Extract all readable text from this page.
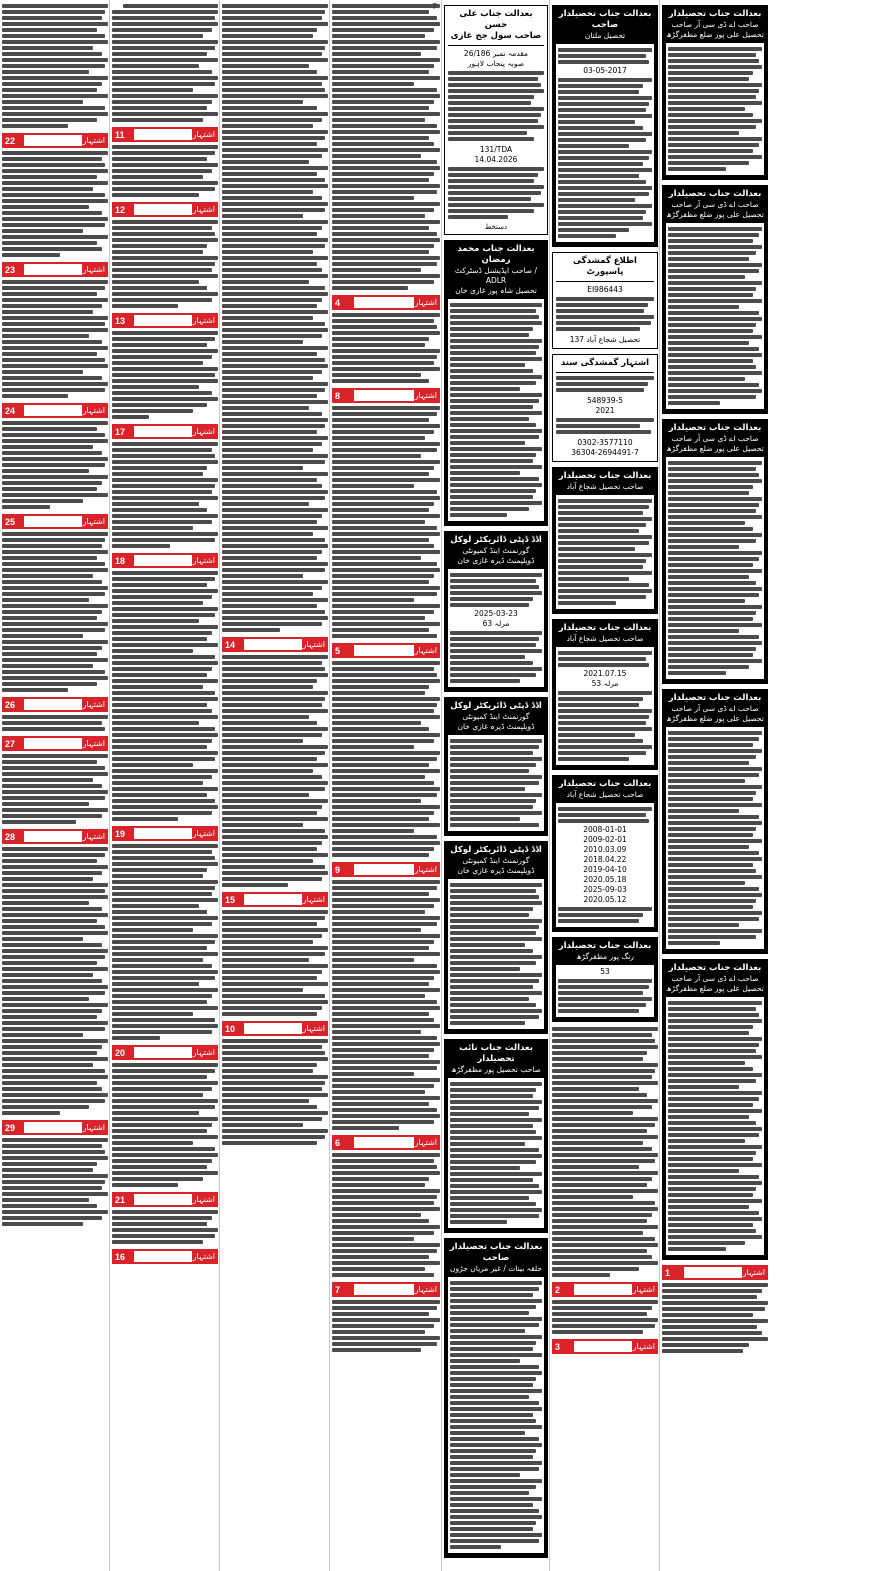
22	اشتہار
23	اشتہار
24	اشتہار
25	اشتہار
26	اشتہار
27	اشتہار
28	اشتہار
29	اشتہار
11	اشتہار
12	اشتہار
13	اشتہار
17	اشتہار
18	اشتہار
19	اشتہار
20	اشتہار
21	اشتہار
16	اشتہار
14	اشتہار
15	اشتہار
10	اشتہار
4	اشتہار
8	اشتہار
5	اشتہار
9	اشتہار
6	اشتہار
7	اشتہار
بعدالت جناب علی حسن
صاحب سول جج غازی
مقدمہ نمبر 26/186
صوبہ پنجاب لاہور
131/TDA
14.04.2026
دستخط
بعدالت جناب محمد رمضان
صاحب ایڈیشنل ڈسٹرکٹ / ADLR
تحصیل شاہ پور غازی خان
اڈڈ ڈپٹی ڈائریکٹر لوکل
گورنمنٹ اینڈ کمیونٹی
ڈویلپمنٹ ڈیرہ غازی خان
2025-03-23
63 مرلہ
اڈڈ ڈپٹی ڈائریکٹر لوکل
گورنمنٹ اینڈ کمیونٹی
ڈویلپمنٹ ڈیرہ غازی خان
اڈڈ ڈپٹی ڈائریکٹر لوکل
گورنمنٹ اینڈ کمیونٹی
ڈویلپمنٹ ڈیرہ غازی خان
بعدالت جناب نائب تحصیلدار
صاحب تحصیل پور مظفرگڑھ
بعدالت جناب تحصیلدار صاحب
حلقہ بینات / غیر مریاں جڑوں
بعدالت جناب تحصیلدار صاحب
تحصیل ملتان
03-05-2017
اطلاع گمشدگی پاسپورٹ
EI986443
تحصیل شجاع آباد 137
اشتہار گمشدگی سند
548939-5
2021
0302-3577110
36304-2694491-7
بعدالت جناب تحصیلدار
صاحب تحصیل شجاع آباد
بعدالت جناب تحصیلدار
صاحب تحصیل شجاع آباد
2021.07.15
53 مرلہ
بعدالت جناب تحصیلدار
صاحب تحصیل شجاع آباد
2008-01-01
2009-02-01
2010.03.09
2018.04.22
2019-04-10
2020.05.18
2025-09-03
2020.05.12
بعدالت جناب تحصیلدار
رنگ پور مظفرگڑھ
53
2	اشتہار
3	اشتہار
بعدالت جناب تحصیلدار
صاحب اے ڈی سی آر صاحب
تحصیل علی پور ضلع مظفرگڑھ
بعدالت جناب تحصیلدار
صاحب اے ڈی سی آر صاحب
تحصیل علی پور ضلع مظفرگڑھ
بعدالت جناب تحصیلدار
صاحب اے ڈی سی آر صاحب
تحصیل علی پور ضلع مظفرگڑھ
بعدالت جناب تحصیلدار
صاحب اے ڈی سی آر صاحب
تحصیل علی پور ضلع مظفرگڑھ
بعدالت جناب تحصیلدار
صاحب اے ڈی سی آر صاحب
تحصیل علی پور ضلع مظفرگڑھ
1	اشتہار
